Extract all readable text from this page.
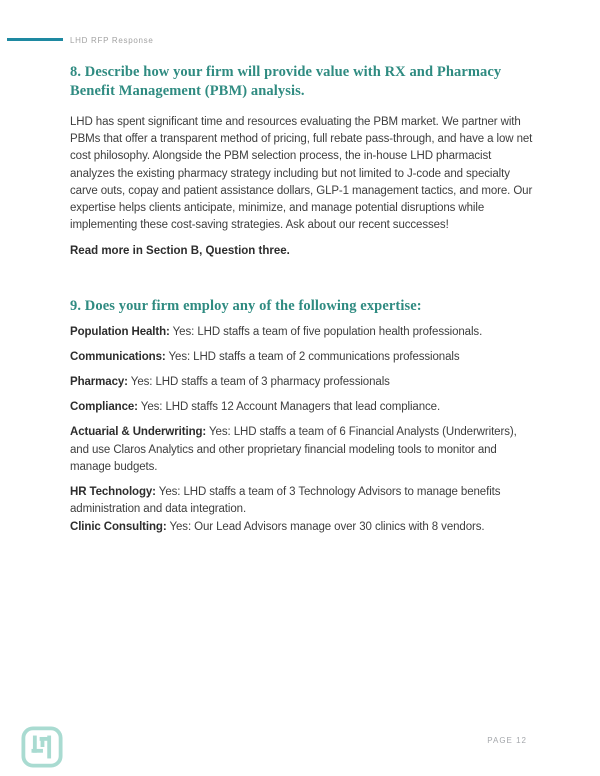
LHD RFP Response
8. Describe how your firm will provide value with RX and Pharmacy Benefit Management (PBM) analysis.

LHD has spent significant time and resources evaluating the PBM market. We partner with PBMs that offer a transparent method of pricing, full rebate pass-through, and have a low net cost philosophy. Alongside the PBM selection process, the in-house LHD pharmacist analyzes the existing pharmacy strategy including but not limited to J-code and specialty carve outs, copay and patient assistance dollars, GLP-1 management tactics, and more. Our expertise helps clients anticipate, minimize, and manage potential disruptions while implementing these cost-saving strategies. Ask about our recent successes!

Read more in Section B, Question three.

9. Does your firm employ any of the following expertise:

Population Health: Yes: LHD staffs a team of five population health professionals.

Communications: Yes: LHD staffs a team of 2 communications professionals

Pharmacy: Yes: LHD staffs a team of 3 pharmacy professionals

Compliance: Yes: LHD staffs 12 Account Managers that lead compliance.

Actuarial & Underwriting: Yes: LHD staffs a team of 6 Financial Analysts (Underwriters), and use Claros Analytics and other proprietary financial modeling tools to monitor and manage budgets.

HR Technology: Yes: LHD staffs a team of 3 Technology Advisors to manage benefits administration and data integration.

Clinic Consulting: Yes: Our Lead Advisors manage over 30 clinics with 8 vendors.

PAGE 12
